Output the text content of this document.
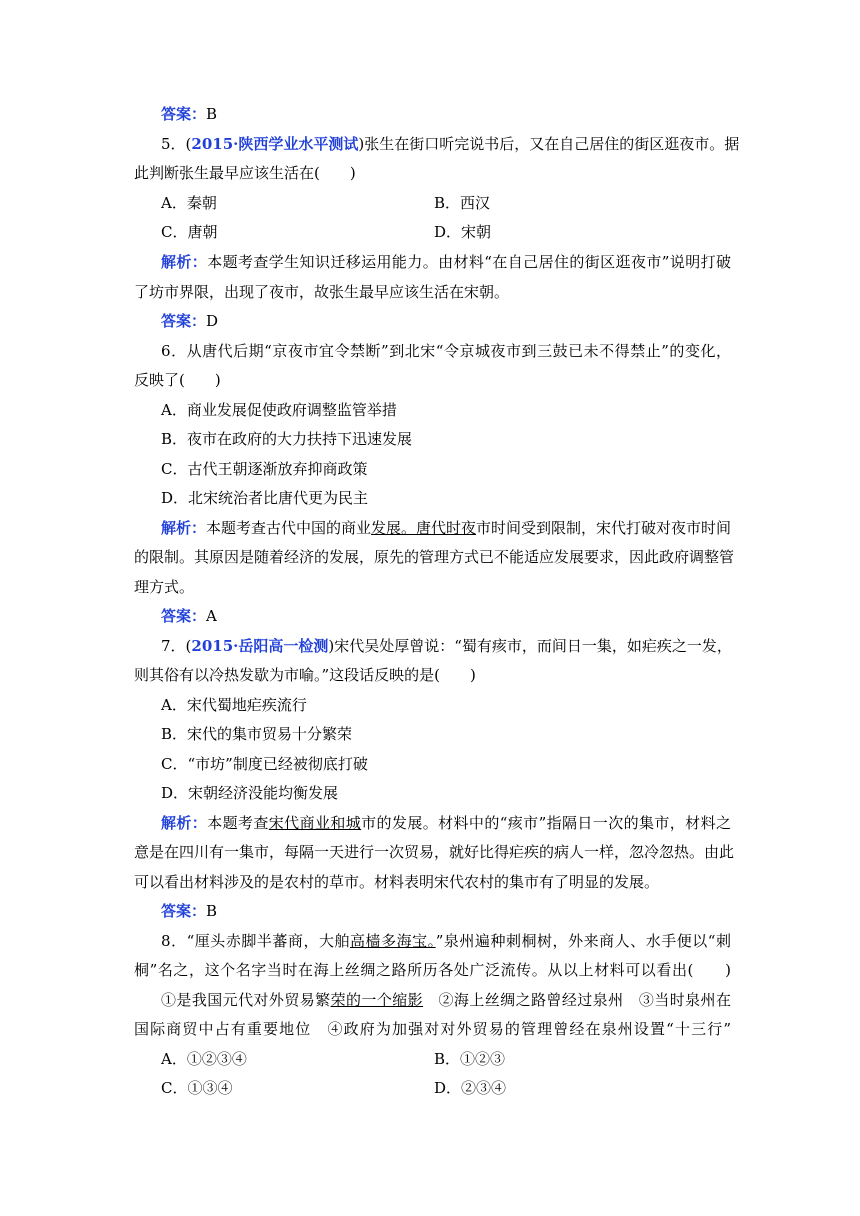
答案：B
5．(2015·陕西学业水平测试)张生在街口听完说书后，又在自己居住的街区逛夜市。据
此判断张生最早应该生活在(　　)
A．秦朝	B．西汉
C．唐朝	D．宋朝
解析：本题考查学生知识迁移运用能力。由材料“在自己居住的街区逛夜市”说明打破
了坊市界限，出现了夜市，故张生最早应该生活在宋朝。
答案：D
6．从唐代后期“京夜市宜令禁断”到北宋“令京城夜市到三鼓已未不得禁止”的变化，
反映了(　　)
A．商业发展促使政府调整监管举措
B．夜市在政府的大力扶持下迅速发展
C．古代王朝逐渐放弃抑商政策
D．北宋统治者比唐代更为民主
解析：本题考查古代中国的商业发展。唐代时夜市时间受到限制，宋代打破对夜市时间
的限制。其原因是随着经济的发展，原先的管理方式已不能适应发展要求，因此政府调整管
理方式。
答案：A
7．(2015·岳阳高一检测)宋代吴处厚曾说：“蜀有痎市，而间日一集，如疟疾之一发，
则其俗有以冷热发歇为市喻。”这段话反映的是(　　)
A．宋代蜀地疟疾流行
B．宋代的集市贸易十分繁荣
C．“市坊”制度已经被彻底打破
D．宋朝经济没能均衡发展
解析：本题考查宋代商业和城市的发展。材料中的“痎市”指隔日一次的集市，材料之
意是在四川有一集市，每隔一天进行一次贸易，就好比得疟疾的病人一样，忽冷忽热。由此
可以看出材料涉及的是农村的草市。材料表明宋代农村的集市有了明显的发展。
答案：B
8．“厘头赤脚半蕃商，大舶高樯多海宝。”泉州遍种刺桐树，外来商人、水手便以“刺
桐”名之，这个名字当时在海上丝绸之路所历各处广泛流传。从以上材料可以看出(　　)
①是我国元代对外贸易繁荣的一个缩影　②海上丝绸之路曾经过泉州　③当时泉州在
国际商贸中占有重要地位　④政府为加强对对外贸易的管理曾经在泉州设置“十三行”
A．①②③④	B．①②③
C．①③④	D．②③④
